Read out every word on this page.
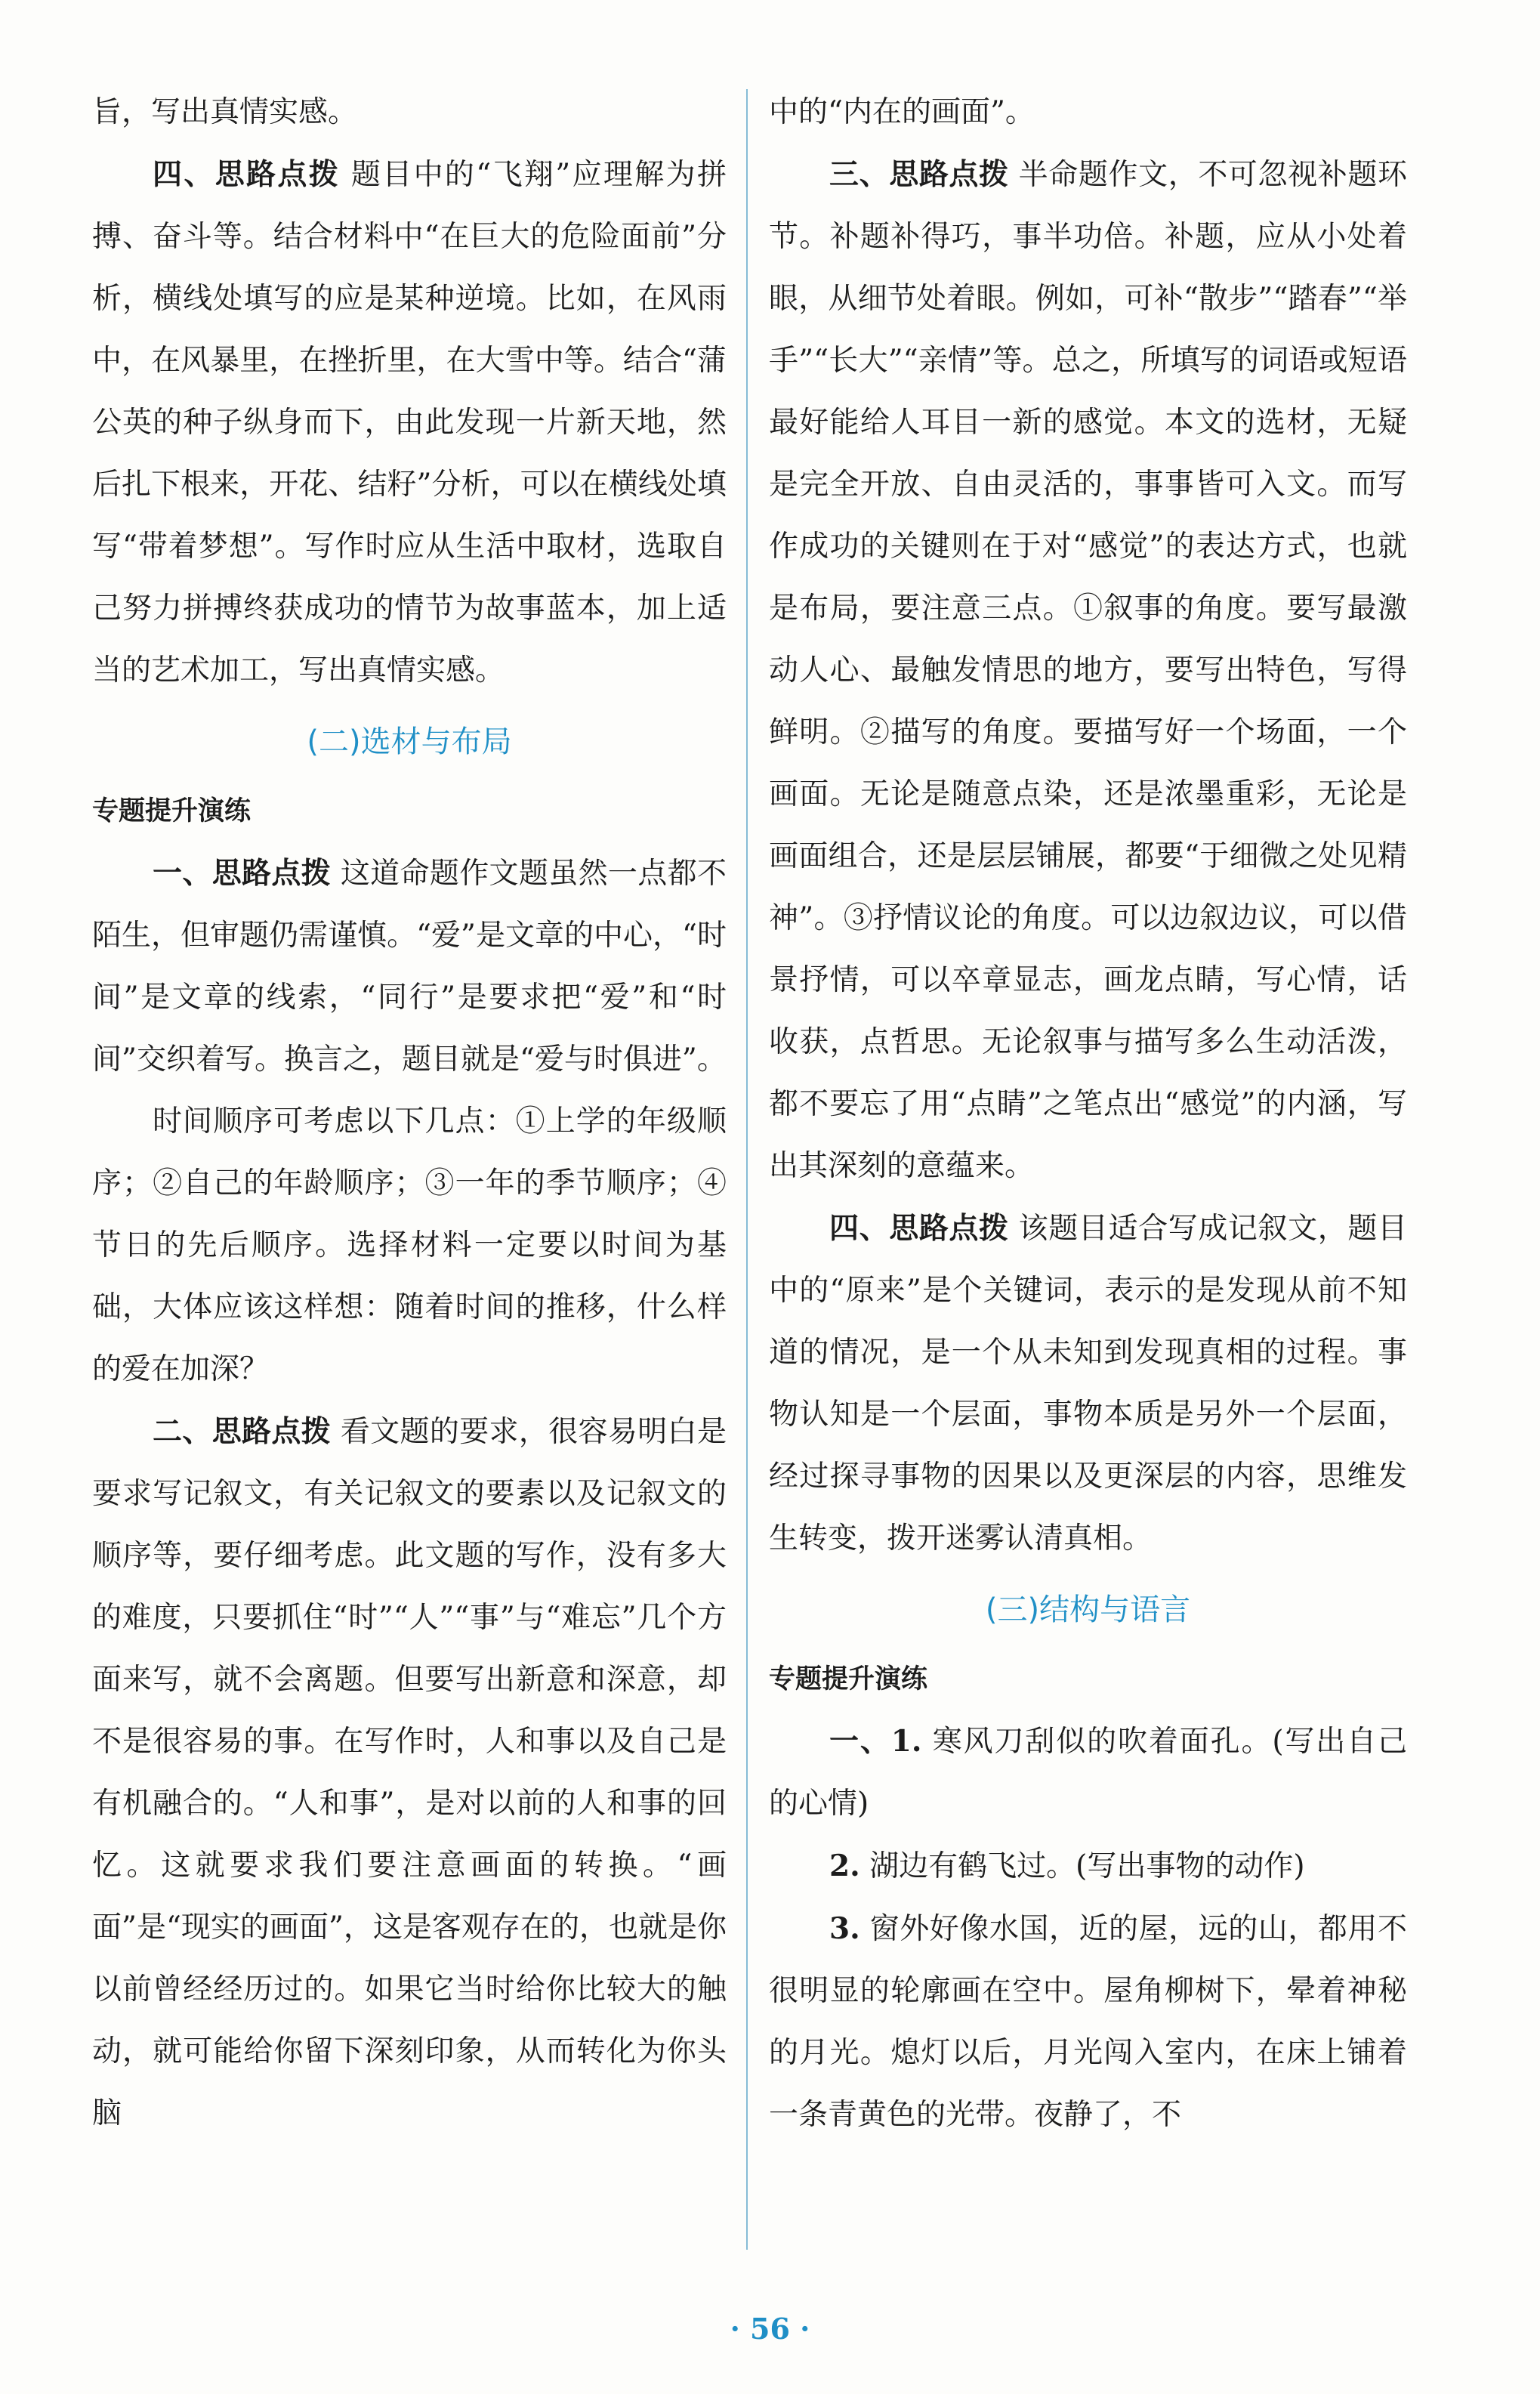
旨，写出真情实感。

四、思路点拨 题目中的“飞翔”应理解为拼搏、奋斗等。结合材料中“在巨大的危险面前”分析，横线处填写的应是某种逆境。比如，在风雨中，在风暴里，在挫折里，在大雪中等。结合“蒲公英的种子纵身而下，由此发现一片新天地，然后扎下根来，开花、结籽”分析，可以在横线处填写“带着梦想”。写作时应从生活中取材，选取自己努力拼搏终获成功的情节为故事蓝本，加上适当的艺术加工，写出真情实感。

(二)选材与布局
专题提升演练

一、思路点拨 这道命题作文题虽然一点都不陌生，但审题仍需谨慎。“爱”是文章的中心，“时间”是文章的线索，“同行”是要求把“爱”和“时间”交织着写。换言之，题目就是“爱与时俱进”。

时间顺序可考虑以下几点：①上学的年级顺序；②自己的年龄顺序；③一年的季节顺序；④节日的先后顺序。选择材料一定要以时间为基础，大体应该这样想：随着时间的推移，什么样的爱在加深？

二、思路点拨 看文题的要求，很容易明白是要求写记叙文，有关记叙文的要素以及记叙文的顺序等，要仔细考虑。此文题的写作，没有多大的难度，只要抓住“时”“人”“事”与“难忘”几个方面来写，就不会离题。但要写出新意和深意，却不是很容易的事。在写作时，人和事以及自己是有机融合的。“人和事”，是对以前的人和事的回忆。这就要求我们要注意画面的转换。“画面”是“现实的画面”，这是客观存在的，也就是你以前曾经经历过的。如果它当时给你比较大的触动，就可能给你留下深刻印象，从而转化为你头脑

中的“内在的画面”。

三、思路点拨 半命题作文，不可忽视补题环节。补题补得巧，事半功倍。补题，应从小处着眼，从细节处着眼。例如，可补“散步”“踏春”“举手”“长大”“亲情”等。总之，所填写的词语或短语最好能给人耳目一新的感觉。本文的选材，无疑是完全开放、自由灵活的，事事皆可入文。而写作成功的关键则在于对“感觉”的表达方式，也就是布局，要注意三点。①叙事的角度。要写最激动人心、最触发情思的地方，要写出特色，写得鲜明。②描写的角度。要描写好一个场面，一个画面。无论是随意点染，还是浓墨重彩，无论是画面组合，还是层层铺展，都要“于细微之处见精神”。③抒情议论的角度。可以边叙边议，可以借景抒情，可以卒章显志，画龙点睛，写心情，话收获，点哲思。无论叙事与描写多么生动活泼，都不要忘了用“点睛”之笔点出“感觉”的内涵，写出其深刻的意蕴来。

四、思路点拨 该题目适合写成记叙文，题目中的“原来”是个关键词，表示的是发现从前不知道的情况，是一个从未知到发现真相的过程。事物认知是一个层面，事物本质是另外一个层面，经过探寻事物的因果以及更深层的内容，思维发生转变，拨开迷雾认清真相。

(三)结构与语言
专题提升演练

一、1. 寒风刀刮似的吹着面孔。(写出自己的心情)

2. 湖边有鹤飞过。(写出事物的动作)

3. 窗外好像水国，近的屋，远的山，都用不很明显的轮廓画在空中。屋角柳树下，晕着神秘的月光。熄灯以后，月光闯入室内，在床上铺着一条青黄色的光带。夜静了，不

· 56 ·
